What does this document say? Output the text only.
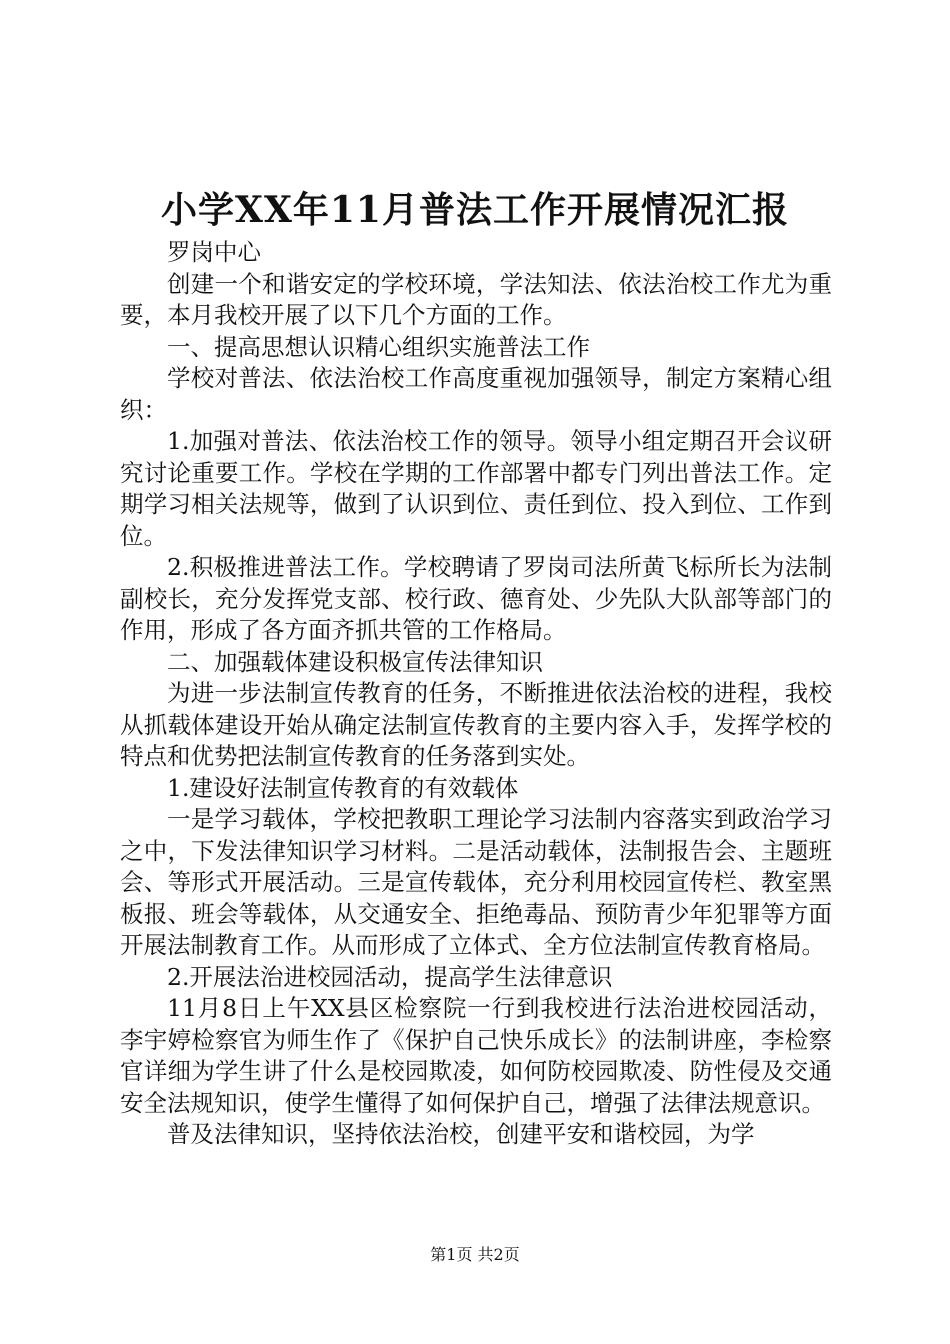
小学XX年11月普法工作开展情况汇报

罗岗中心

创建一个和谐安定的学校环境，学法知法、依法治校工作尤为重要，本月我校开展了以下几个方面的工作。

一、提高思想认识精心组织实施普法工作

学校对普法、依法治校工作高度重视加强领导，制定方案精心组织：

1.加强对普法、依法治校工作的领导。领导小组定期召开会议研究讨论重要工作。学校在学期的工作部署中都专门列出普法工作。定期学习相关法规等，做到了认识到位、责任到位、投入到位、工作到位。

2.积极推进普法工作。学校聘请了罗岗司法所黄飞标所长为法制副校长，充分发挥党支部、校行政、德育处、少先队大队部等部门的作用，形成了各方面齐抓共管的工作格局。

二、加强载体建设积极宣传法律知识

为进一步法制宣传教育的任务，不断推进依法治校的进程，我校从抓载体建设开始从确定法制宣传教育的主要内容入手，发挥学校的特点和优势把法制宣传教育的任务落到实处。

1.建设好法制宣传教育的有效载体

一是学习载体，学校把教职工理论学习法制内容落实到政治学习之中，下发法律知识学习材料。二是活动载体，法制报告会、主题班会、等形式开展活动。三是宣传载体，充分利用校园宣传栏、教室黑板报、班会等载体，从交通安全、拒绝毒品、预防青少年犯罪等方面开展法制教育工作。从而形成了立体式、全方位法制宣传教育格局。

2.开展法治进校园活动，提高学生法律意识

11月8日上午XX县区检察院一行到我校进行法治进校园活动，李宇婷检察官为师生作了《保护自己快乐成长》的法制讲座，李检察官详细为学生讲了什么是校园欺凌，如何防校园欺凌、防性侵及交通安全法规知识，使学生懂得了如何保护自己，增强了法律法规意识。

普及法律知识，坚持依法治校，创建平安和谐校园，为学

第1页 共2页
